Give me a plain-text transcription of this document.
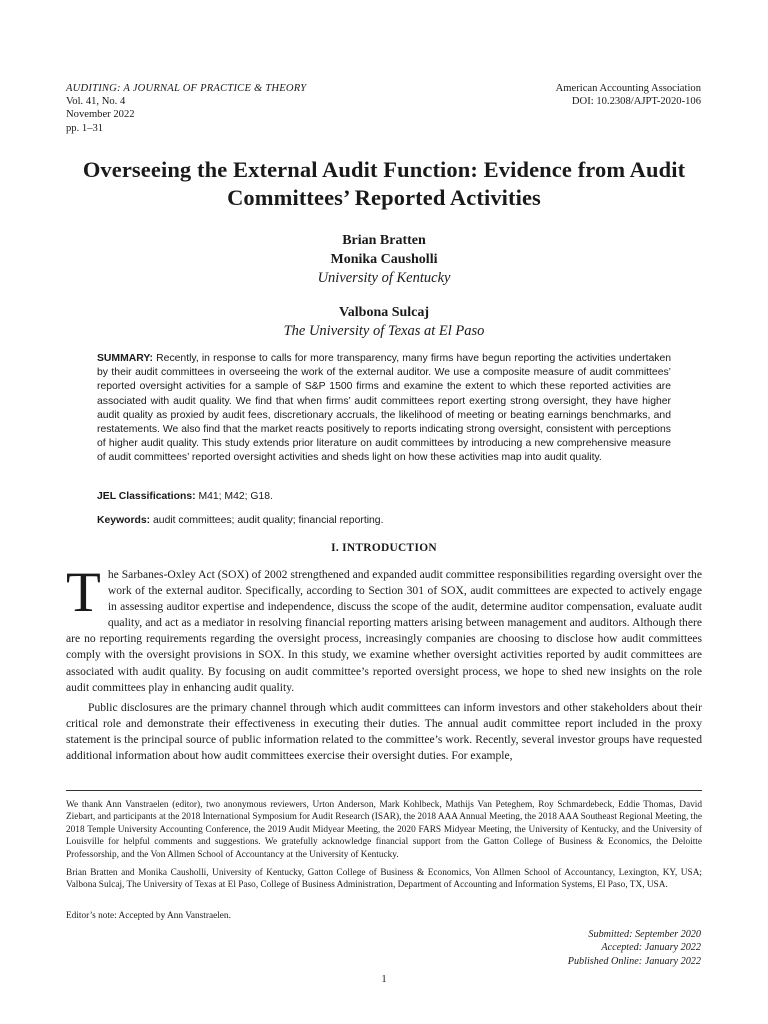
AUDITING: A JOURNAL OF PRACTICE & THEORY
Vol. 41, No. 4
November 2022
pp. 1–31
American Accounting Association
DOI: 10.2308/AJPT-2020-106
Overseeing the External Audit Function: Evidence from Audit Committees’ Reported Activities
Brian Bratten
Monika Causholli
University of Kentucky
Valbona Sulcaj
The University of Texas at El Paso
SUMMARY: Recently, in response to calls for more transparency, many firms have begun reporting the activities undertaken by their audit committees in overseeing the work of the external auditor. We use a composite measure of audit committees’ reported oversight activities for a sample of S&P 1500 firms and examine the extent to which these reported activities are associated with audit quality. We find that when firms’ audit committees report exerting strong oversight, they have higher audit quality as proxied by audit fees, discretionary accruals, the likelihood of meeting or beating earnings benchmarks, and restatements. We also find that the market reacts positively to reports indicating strong oversight, consistent with perceptions of higher audit quality. This study extends prior literature on audit committees by introducing a new comprehensive measure of audit committees’ reported oversight activities and sheds light on how these activities map into audit quality.
JEL Classifications: M41; M42; G18.
Keywords: audit committees; audit quality; financial reporting.
I. INTRODUCTION
The Sarbanes-Oxley Act (SOX) of 2002 strengthened and expanded audit committee responsibilities regarding oversight over the work of the external auditor. Specifically, according to Section 301 of SOX, audit committees are expected to actively engage in assessing auditor expertise and independence, discuss the scope of the audit, determine auditor compensation, evaluate audit quality, and act as a mediator in resolving financial reporting matters arising between management and auditors. Although there are no reporting requirements regarding the oversight process, increasingly companies are choosing to disclose how audit committees comply with the oversight provisions in SOX. In this study, we examine whether oversight activities reported by audit committees are associated with audit quality. By focusing on audit committee’s reported oversight process, we hope to shed new insights on the role audit committees play in enhancing audit quality.
Public disclosures are the primary channel through which audit committees can inform investors and other stakeholders about their critical role and demonstrate their effectiveness in executing their duties. The annual audit committee report included in the proxy statement is the principal source of public information related to the committee’s work. Recently, several investor groups have requested additional information about how audit committees exercise their oversight duties. For example,
We thank Ann Vanstraelen (editor), two anonymous reviewers, Urton Anderson, Mark Kohlbeck, Mathijs Van Peteghem, Roy Schmardebeck, Eddie Thomas, David Ziebart, and participants at the 2018 International Symposium for Audit Research (ISAR), the 2018 AAA Annual Meeting, the 2018 AAA Southeast Regional Meeting, the 2018 Temple University Accounting Conference, the 2019 Audit Midyear Meeting, the 2020 FARS Midyear Meeting, the University of Kentucky, and the University of Louisville for helpful comments and suggestions. We gratefully acknowledge financial support from the Gatton College of Business & Economics, the Deloitte Professorship, and the Von Allmen School of Accountancy at the University of Kentucky.
Brian Bratten and Monika Causholli, University of Kentucky, Gatton College of Business & Economics, Von Allmen School of Accountancy, Lexington, KY, USA; Valbona Sulcaj, The University of Texas at El Paso, College of Business Administration, Department of Accounting and Information Systems, El Paso, TX, USA.
Editor’s note: Accepted by Ann Vanstraelen.
Submitted: September 2020
Accepted: January 2022
Published Online: January 2022
1
